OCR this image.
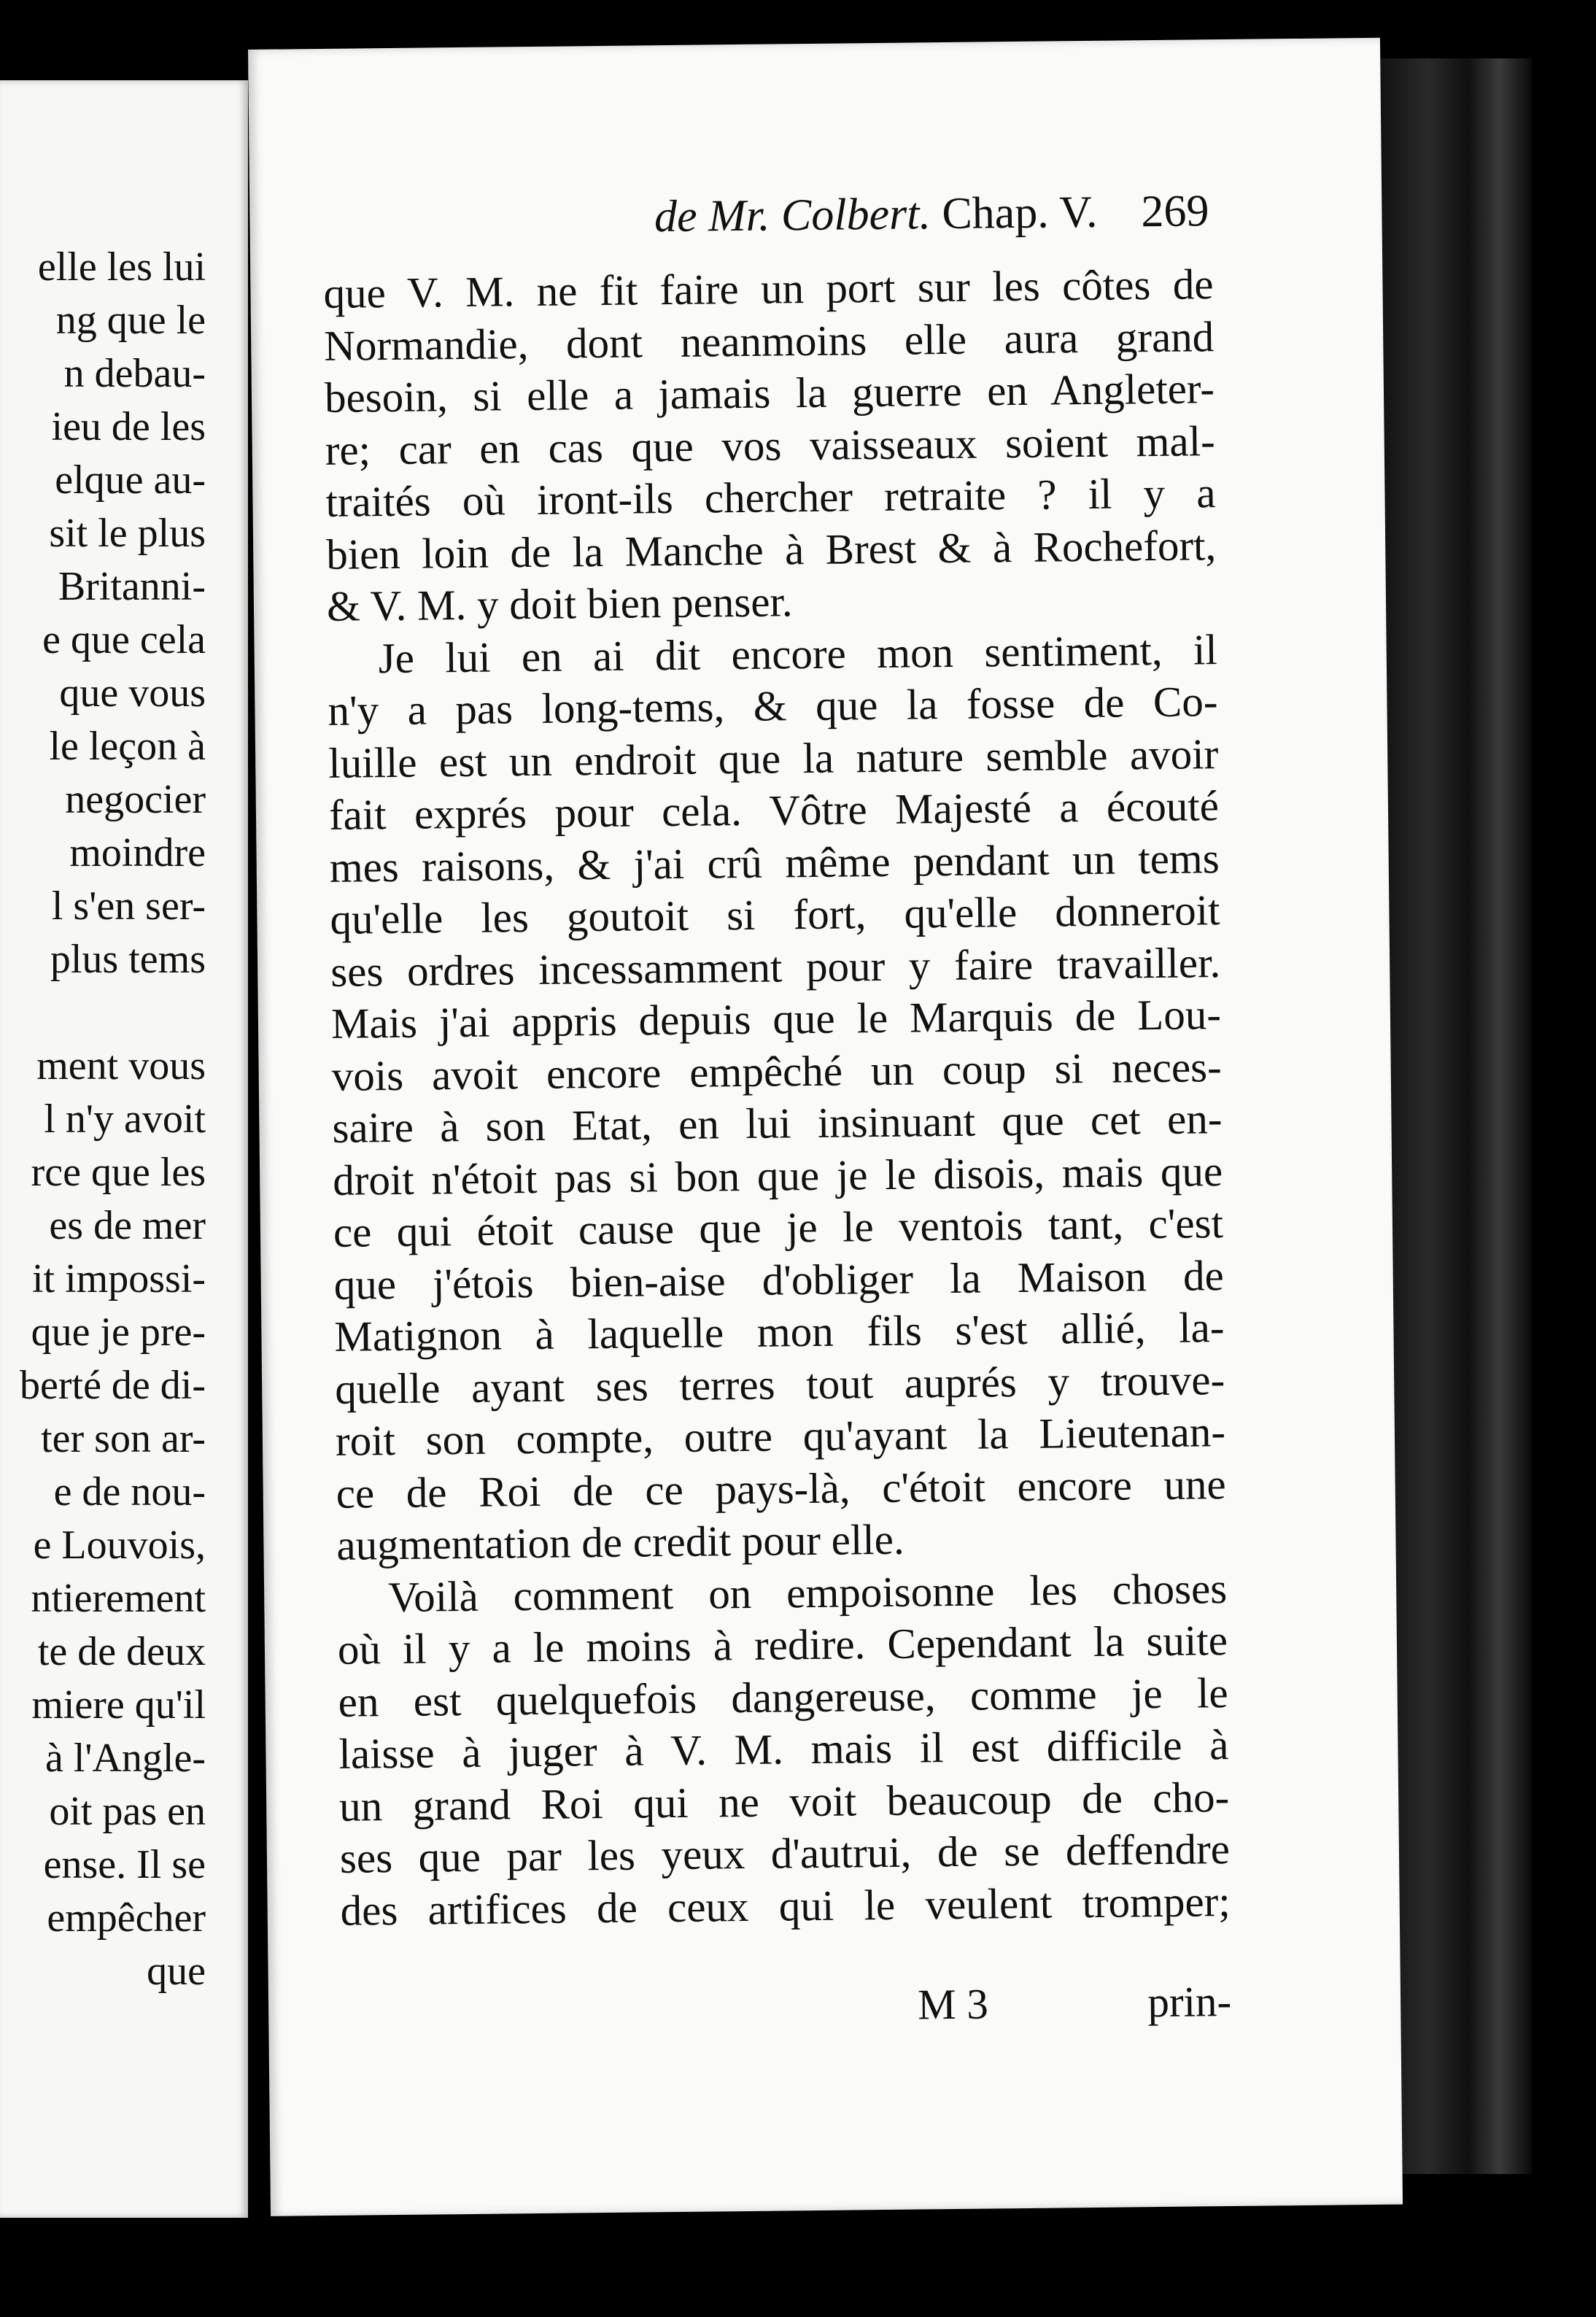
elle les lui
ng que le
n debau-
ieu de les
elque au-
sit le plus
Britanni-
e que cela
que vous
le leçon à
negocier
moindre
l s'en ser-
plus tems
ment vous
l n'y avoit
rce que les
es de mer
it impossi-
que je pre-
berté de di-
ter son ar-
e de nou-
e Louvois,
ntierement
te de deux
miere qu'il
à l'Angle-
oit pas en
ense. Il se
empêcher
que
de Mr. Colbert. Chap. V. 269
que V. M. ne fit faire un port sur les côtes de
Normandie, dont neanmoins elle aura grand
besoin, si elle a jamais la guerre en Angleter-
re; car en cas que vos vaisseaux soient mal-
traités où iront-ils chercher retraite ? il y a
bien loin de la Manche à Brest & à Rochefort,
& V. M. y doit bien penser.
Je lui en ai dit encore mon sentiment, il
n'y a pas long-tems, & que la fosse de Co-
luille est un endroit que la nature semble avoir
fait exprés pour cela. Vôtre Majesté a écouté
mes raisons, & j'ai crû même pendant un tems
qu'elle les goutoit si fort, qu'elle donneroit
ses ordres incessamment pour y faire travailler.
Mais j'ai appris depuis que le Marquis de Lou-
vois avoit encore empêché un coup si neces-
saire à son Etat, en lui insinuant que cet en-
droit n'étoit pas si bon que je le disois, mais que
ce qui étoit cause que je le ventois tant, c'est
que j'étois bien-aise d'obliger la Maison de
Matignon à laquelle mon fils s'est allié, la-
quelle ayant ses terres tout auprés y trouve-
roit son compte, outre qu'ayant la Lieutenan-
ce de Roi de ce pays-là, c'étoit encore une
augmentation de credit pour elle.
Voilà comment on empoisonne les choses
où il y a le moins à redire. Cependant la suite
en est quelquefois dangereuse, comme je le
laisse à juger à V. M. mais il est difficile à
un grand Roi qui ne voit beaucoup de cho-
ses que par les yeux d'autrui, de se deffendre
des artifices de ceux qui le veulent tromper;
M 3	prin-
